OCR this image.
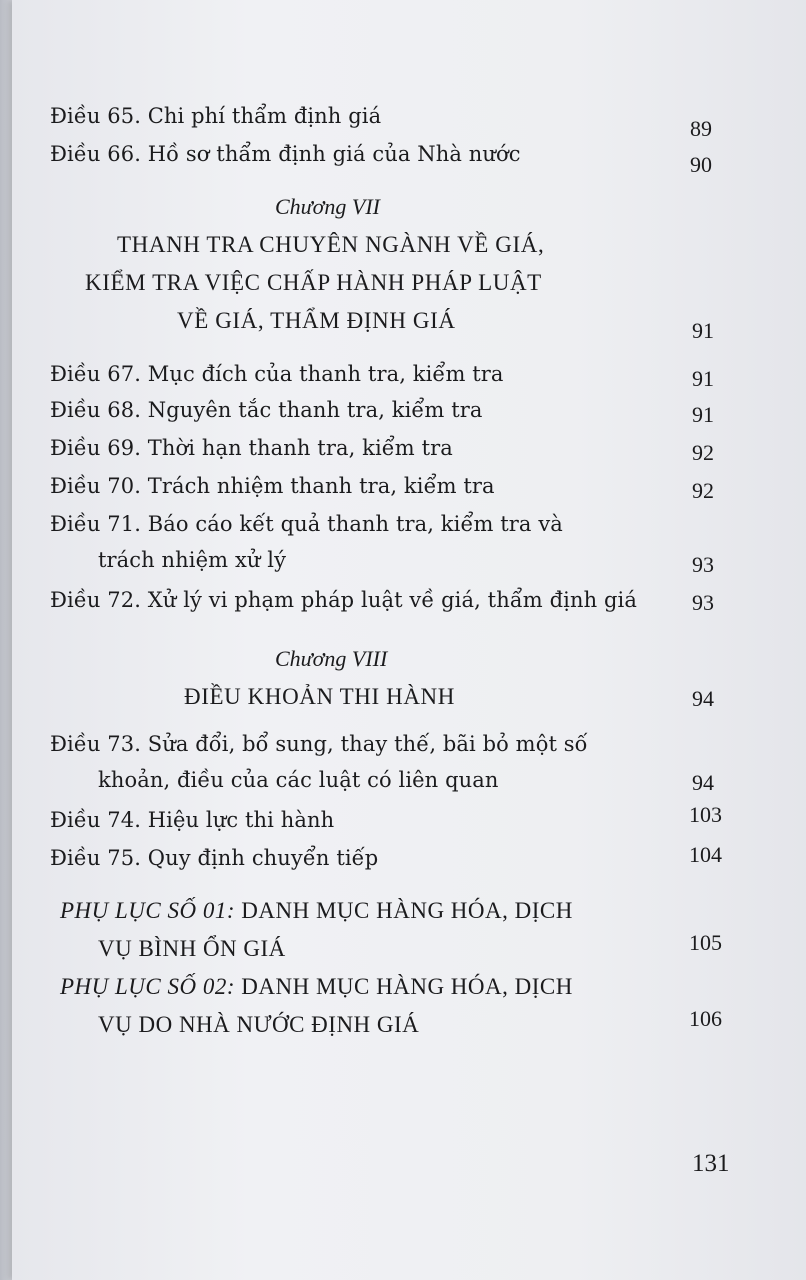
Điều 65. Chi phí thẩm định giá	89
Điều 66. Hồ sơ thẩm định giá của Nhà nước	90
Chương VII
THANH TRA CHUYÊN NGÀNH VỀ GIÁ,
KIỂM TRA VIỆC CHẤP HÀNH PHÁP LUẬT
VỀ GIÁ, THẨM ĐỊNH GIÁ	91
Điều 67. Mục đích của thanh tra, kiểm tra	91
Điều 68. Nguyên tắc thanh tra, kiểm tra	91
Điều 69. Thời hạn thanh tra, kiểm tra	92
Điều 70. Trách nhiệm thanh tra, kiểm tra	92
Điều 71. Báo cáo kết quả thanh tra, kiểm tra và
trách nhiệm xử lý	93
Điều 72. Xử lý vi phạm pháp luật về giá, thẩm định giá	93
Chương VIII
ĐIỀU KHOẢN THI HÀNH	94
Điều 73. Sửa đổi, bổ sung, thay thế, bãi bỏ một số
khoản, điều của các luật có liên quan	94
Điều 74. Hiệu lực thi hành	103
Điều 75. Quy định chuyển tiếp	104
PHỤ LỤC SỐ 01: DANH MỤC HÀNG HÓA, DỊCH
VỤ BÌNH ỔN GIÁ	105
PHỤ LỤC SỐ 02: DANH MỤC HÀNG HÓA, DỊCH
VỤ DO NHÀ NƯỚC ĐỊNH GIÁ	106
131
